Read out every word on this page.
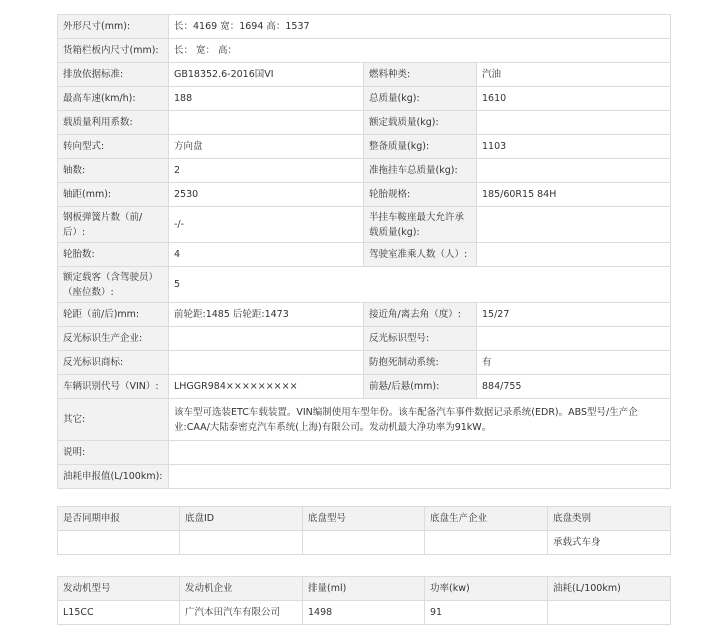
外形尺寸(mm):	长：4169 宽：1694 高：1537		
货箱栏板内尺寸(mm):	长： 宽： 高：		
排放依据标准:	GB18352.6-2016国VI	燃料种类:	汽油
最高车速(km/h):	188	总质量(kg):	1610
载质量利用系数:		额定载质量(kg):	
转向型式:	方向盘	整备质量(kg):	1103
轴数:	2	准拖挂车总质量(kg):	
轴距(mm):	2530	轮胎规格:	185/60R15 84H
钢板弹簧片数（前/后）:	-/-	半挂车鞍座最大允许承载质量(kg):	
轮胎数:	4	驾驶室准乘人数（人）:	
额定载客（含驾驶员）（座位数）:	5		
轮距（前/后)mm:	前轮距:1485 后轮距:1473	接近角/离去角（度）:	15/27
反光标识生产企业:		反光标识型号:	
反光标识商标:		防抱死制动系统:	有
车辆识别代号（VIN）:	LHGGR984×××××××××	前悬/后悬(mm):	884/755
其它:	该车型可选装ETC车载装置。VIN编制使用车型年份。该车配备汽车事件数据记录系统(EDR)。ABS型号/生产企业:CAA/大陆泰密克汽车系统(上海)有限公司。发动机最大净功率为91kW。		
说明:			
油耗申报值(L/100km):			
是否同期申报	底盘ID	底盘型号	底盘生产企业	底盘类别
				承载式车身
发动机型号	发动机企业	排量(ml)	功率(kw)	油耗(L/100km)
L15CC	广汽本田汽车有限公司	1498	91	
